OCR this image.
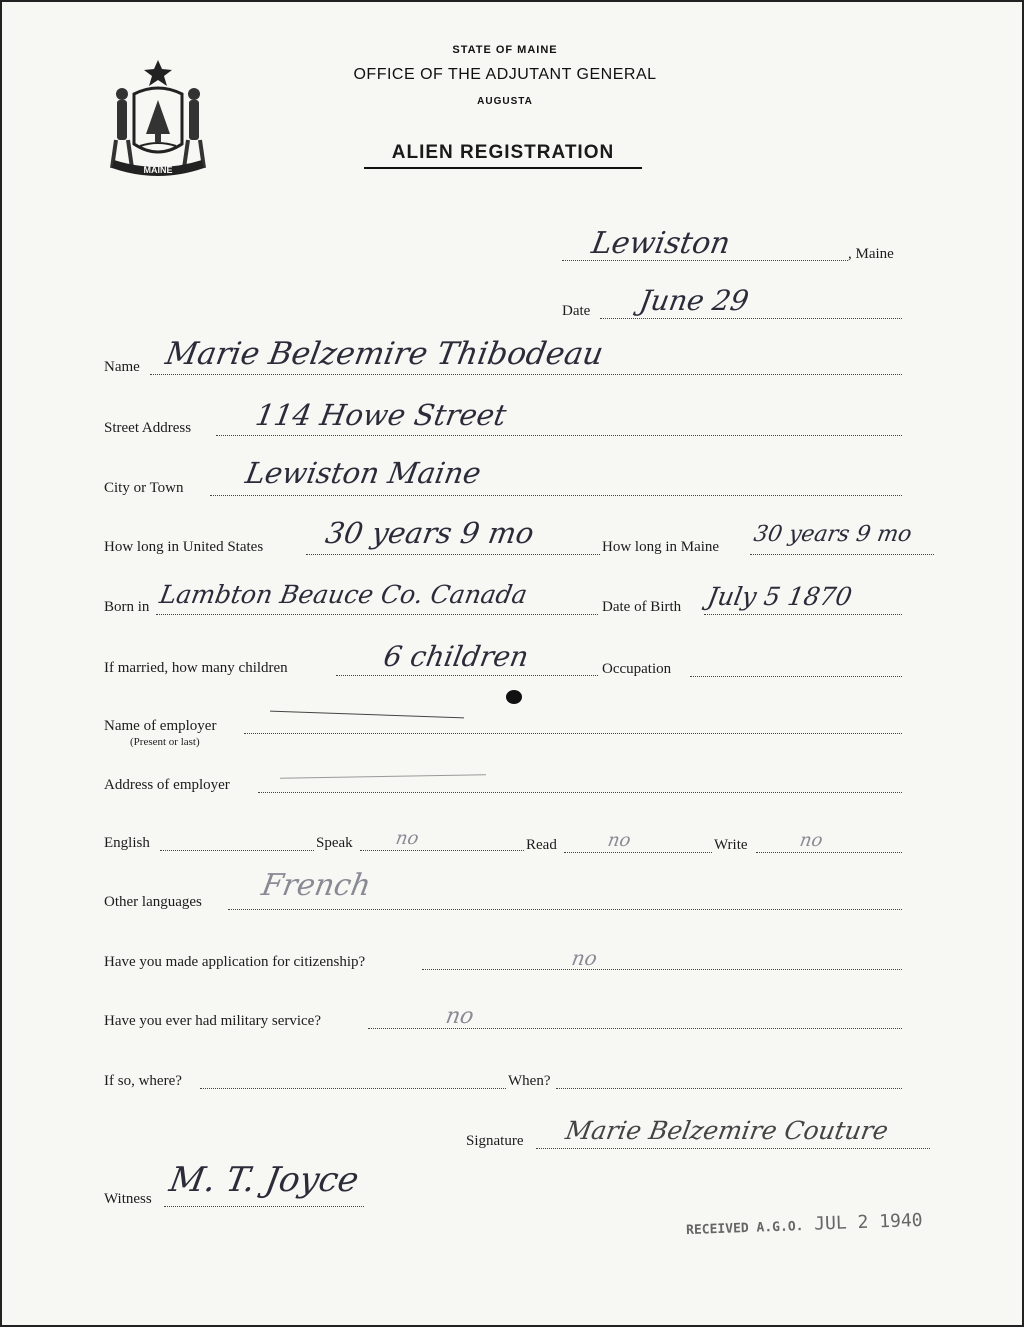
MAINE
STATE OF MAINE
OFFICE OF THE ADJUTANT GENERAL
AUGUSTA
ALIEN REGISTRATION
Lewiston	, Maine
Date June 29
Name Marie Belzemire Thibodeau
Street Address 114 Howe Street
City or Town Lewiston Maine
How long in United States 30 years 9 mo	How long in Maine 30 years 9 mo
Born in Lambton Beauce Co. Canada	Date of Birth July 5 1870
If married, how many children	6 children	Occupation
Name of employer
(Present or last)
Address of employer
English	Speak no	Read	no	Write	no
Other languages French
Have you made application for citizenship?	no
Have you ever had military service?	no
If so, where?	When?
Signature Marie Belzemire Couture
Witness M. T. Joyce
RECEIVED A.G.O. JUL 2 1940
